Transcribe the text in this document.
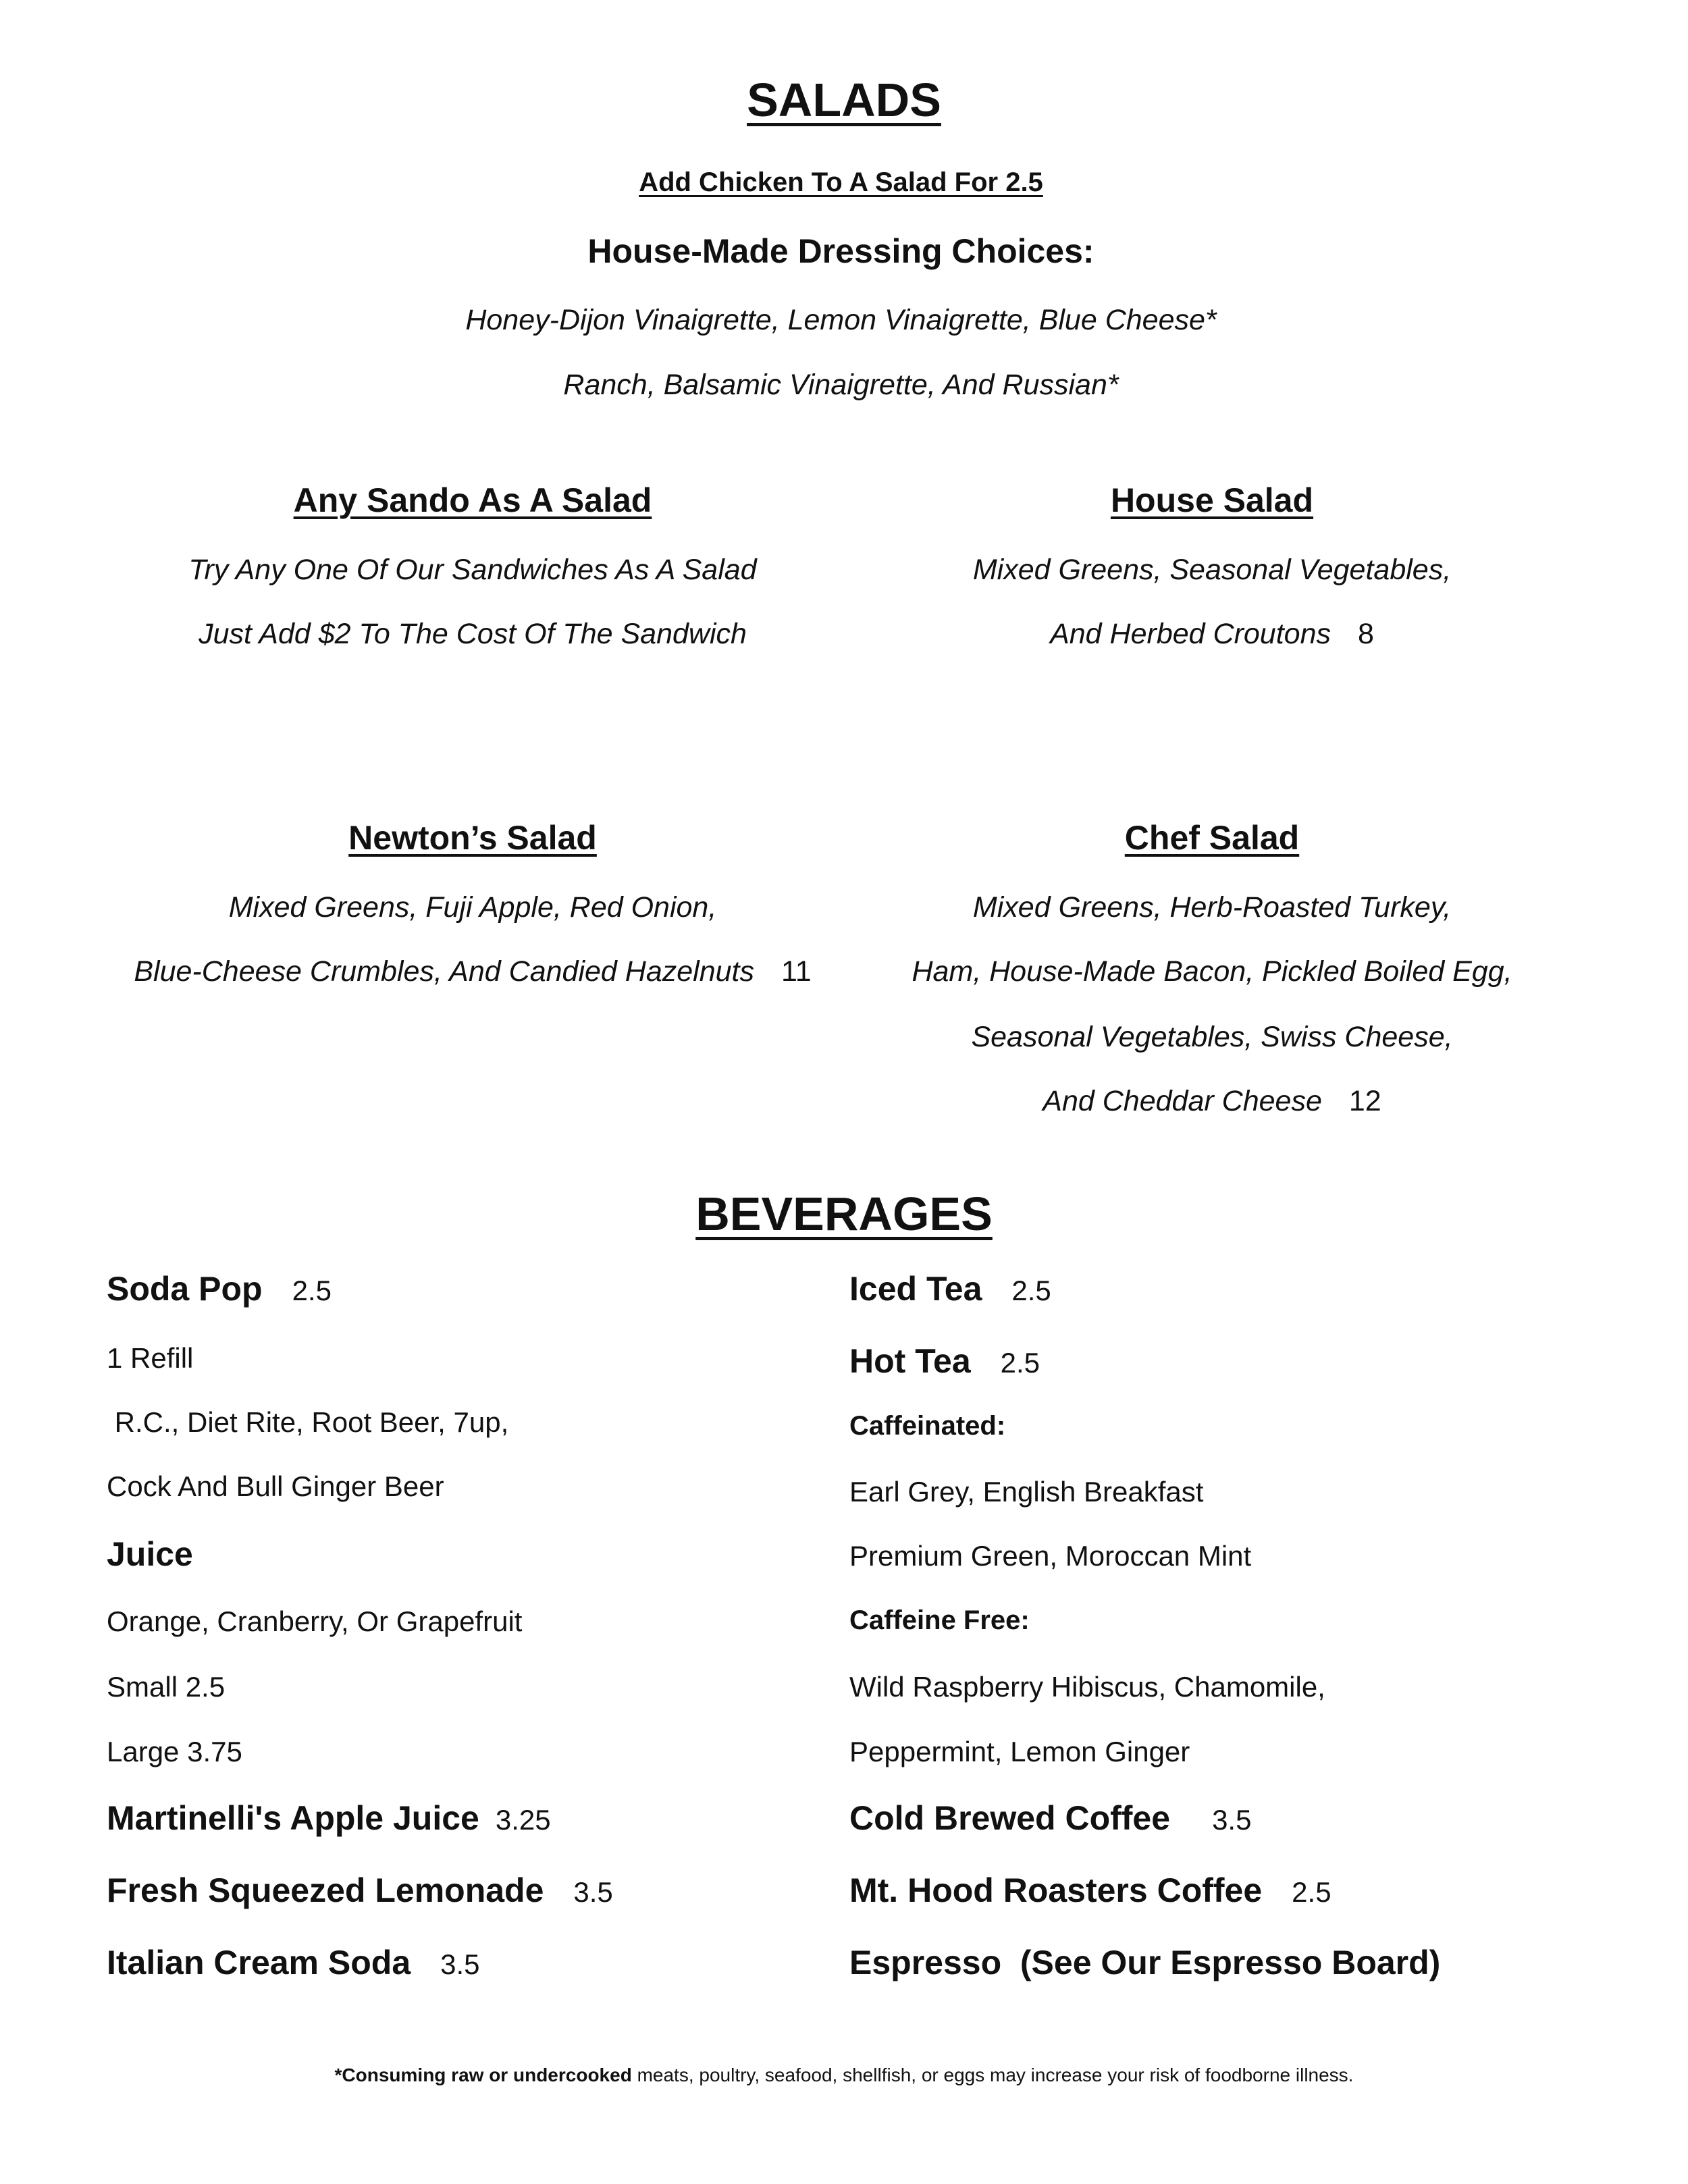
SALADS
Add Chicken To A Salad For 2.5
House-Made Dressing Choices:
Honey-Dijon Vinaigrette, Lemon Vinaigrette, Blue Cheese*
Ranch, Balsamic Vinaigrette, And Russian*
Any Sando As A Salad
Try Any One Of Our Sandwiches As A Salad
Just Add $2 To The Cost Of The Sandwich
House Salad
Mixed Greens, Seasonal Vegetables,
And Herbed Croutons 8
Newton’s Salad
Mixed Greens, Fuji Apple, Red Onion,
Blue-Cheese Crumbles, And Candied Hazelnuts 11
Chef Salad
Mixed Greens, Herb-Roasted Turkey,
Ham, House-Made Bacon, Pickled Boiled Egg,
Seasonal Vegetables, Swiss Cheese,
And Cheddar Cheese 12
BEVERAGES
Soda Pop 2.5
1 Refill
R.C., Diet Rite, Root Beer, 7up,
Cock And Bull Ginger Beer
Juice
Orange, Cranberry, Or Grapefruit
Small 2.5
Large 3.75
Martinelli's Apple Juice 3.25
Fresh Squeezed Lemonade 3.5
Italian Cream Soda 3.5
Iced Tea 2.5
Hot Tea 2.5
Caffeinated:
Earl Grey, English Breakfast
Premium Green, Moroccan Mint
Caffeine Free:
Wild Raspberry Hibiscus, Chamomile,
Peppermint, Lemon Ginger
Cold Brewed Coffee 3.5
Mt. Hood Roasters Coffee 2.5
Espresso  (See Our Espresso Board)
*Consuming raw or undercooked meats, poultry, seafood, shellfish, or eggs may increase your risk of foodborne illness.
